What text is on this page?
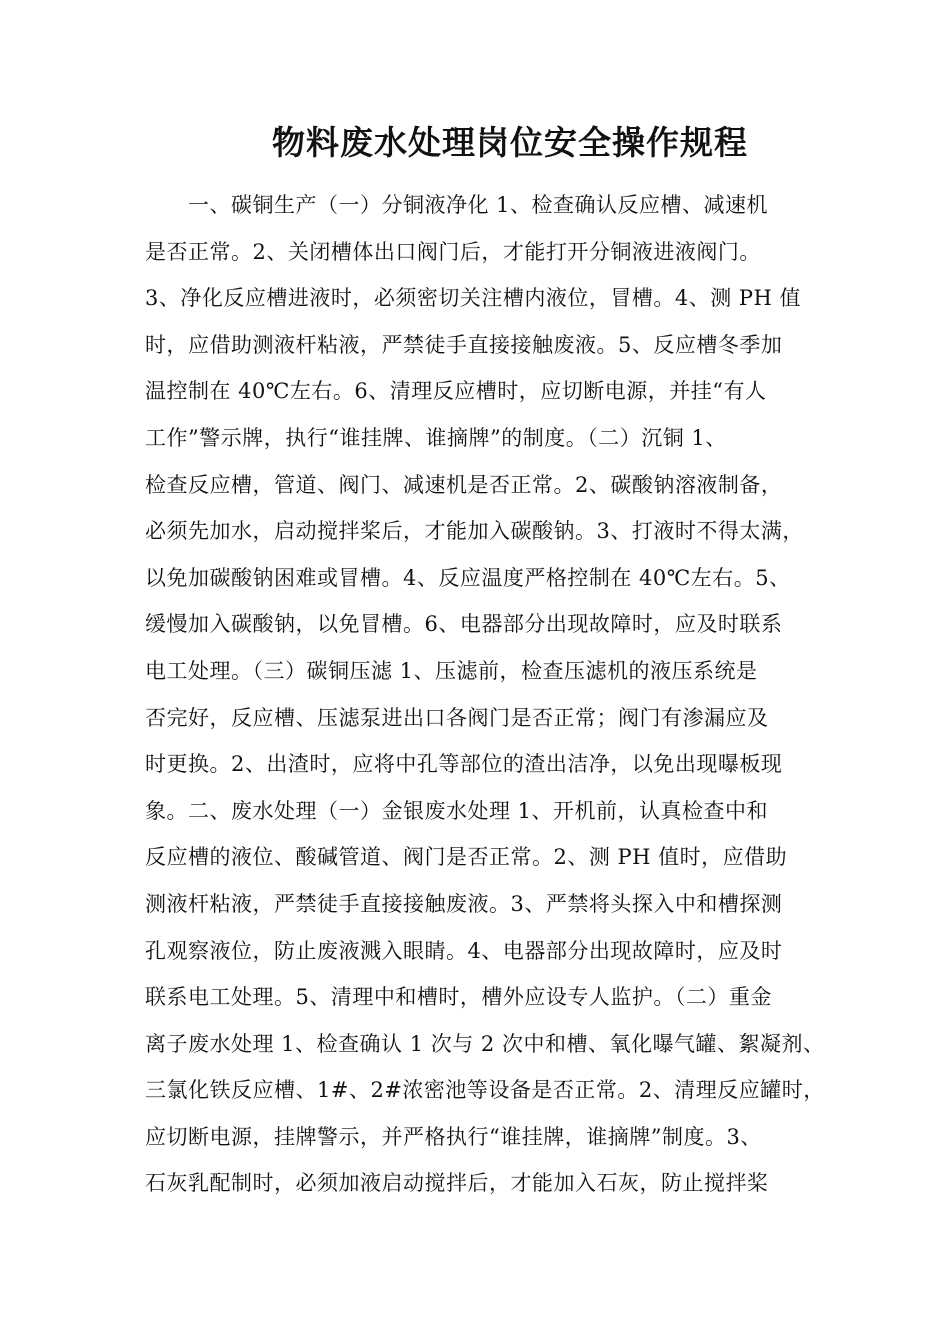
物料废水处理岗位安全操作规程
　　一、碳铜生产（一）分铜液净化 1、检查确认反应槽、减速机
是否正常。2、关闭槽体出口阀门后，才能打开分铜液进液阀门。
3、净化反应槽进液时，必须密切关注槽内液位，冒槽。4、测 PH 值
时，应借助测液杆粘液，严禁徒手直接接触废液。5、反应槽冬季加
温控制在 40℃左右。6、清理反应槽时，应切断电源，并挂“有人
工作”警示牌，执行“谁挂牌、谁摘牌”的制度。（二）沉铜 1、
检查反应槽，管道、阀门、减速机是否正常。2、碳酸钠溶液制备，
必须先加水，启动搅拌桨后，才能加入碳酸钠。3、打液时不得太满，
以免加碳酸钠困难或冒槽。4、反应温度严格控制在 40℃左右。5、
缓慢加入碳酸钠，以免冒槽。6、电器部分出现故障时，应及时联系
电工处理。（三）碳铜压滤 1、压滤前，检查压滤机的液压系统是
否完好，反应槽、压滤泵进出口各阀门是否正常；阀门有渗漏应及
时更换。2、出渣时，应将中孔等部位的渣出洁净，以免出现曝板现
象。二、废水处理（一）金银废水处理 1、开机前，认真检查中和
反应槽的液位、酸碱管道、阀门是否正常。2、测 PH 值时，应借助
测液杆粘液，严禁徒手直接接触废液。3、严禁将头探入中和槽探测
孔观察液位，防止废液溅入眼睛。4、电器部分出现故障时，应及时
联系电工处理。5、清理中和槽时，槽外应设专人监护。（二）重金
离子废水处理 1、检查确认 1 次与 2 次中和槽、氧化曝气罐、絮凝剂、
三氯化铁反应槽、1#、2#浓密池等设备是否正常。2、清理反应罐时，
应切断电源，挂牌警示，并严格执行“谁挂牌，谁摘牌”制度。3、
石灰乳配制时，必须加液启动搅拌后，才能加入石灰，防止搅拌桨
